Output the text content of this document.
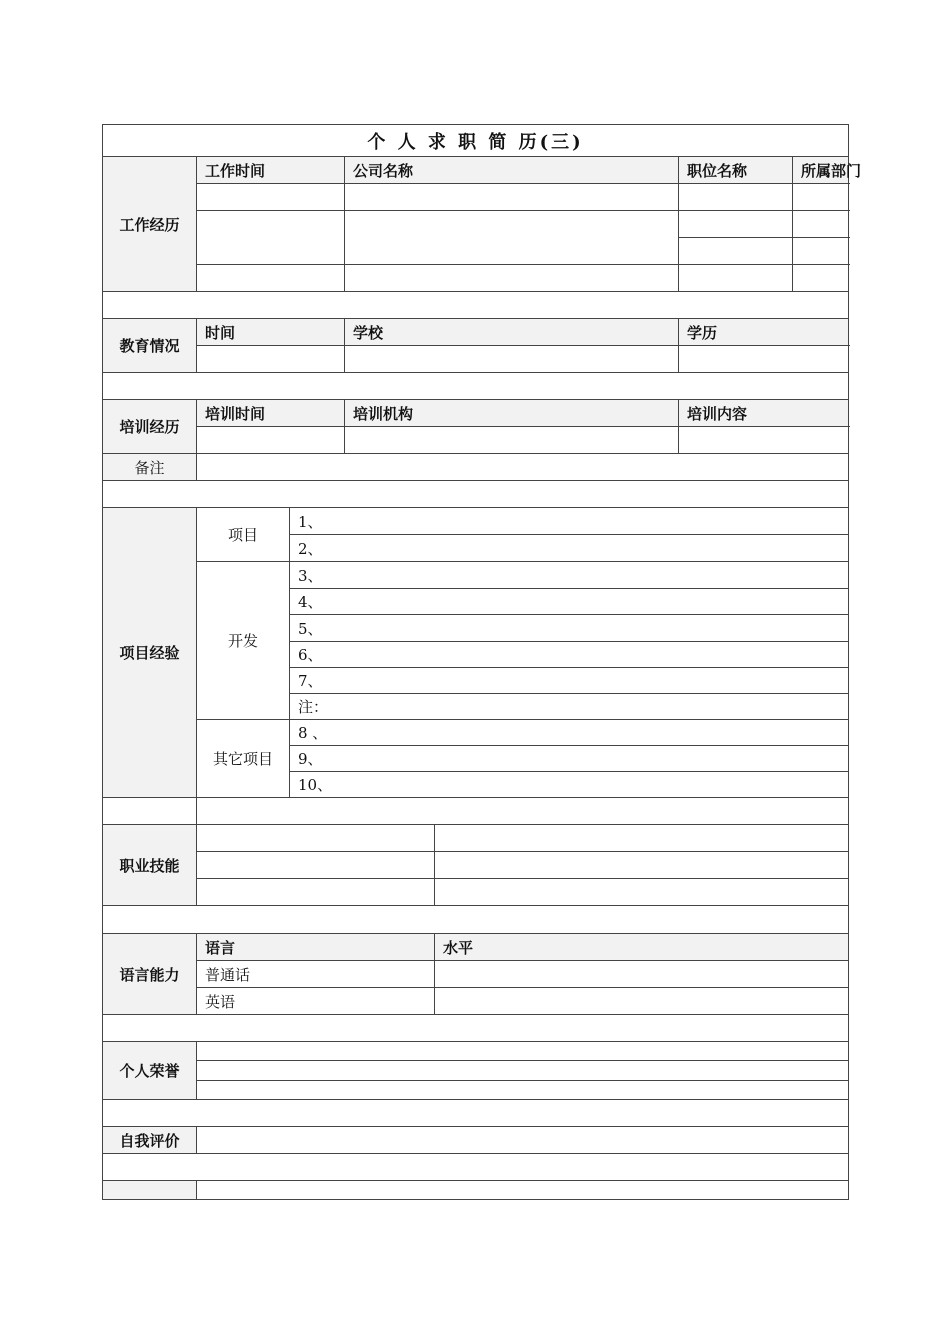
个 人 求 职 简 历(三)						
工作经历	工作时间		公司名称		职位名称	所属部门

教育情况	时间		学校		学历	

培训经历	培训时间		培训机构		培训内容	

备注						

项目经验	项目	1、				
		2、				
	开发	3、				
		4、				
		5、				
		6、				
		7、				
		注：				
	其它项目	8 、				
		9、				
		10、				

职业技能						

语言能力	语言			水平		
	普通话					
	英语					

个人荣誉						

自我评价						
